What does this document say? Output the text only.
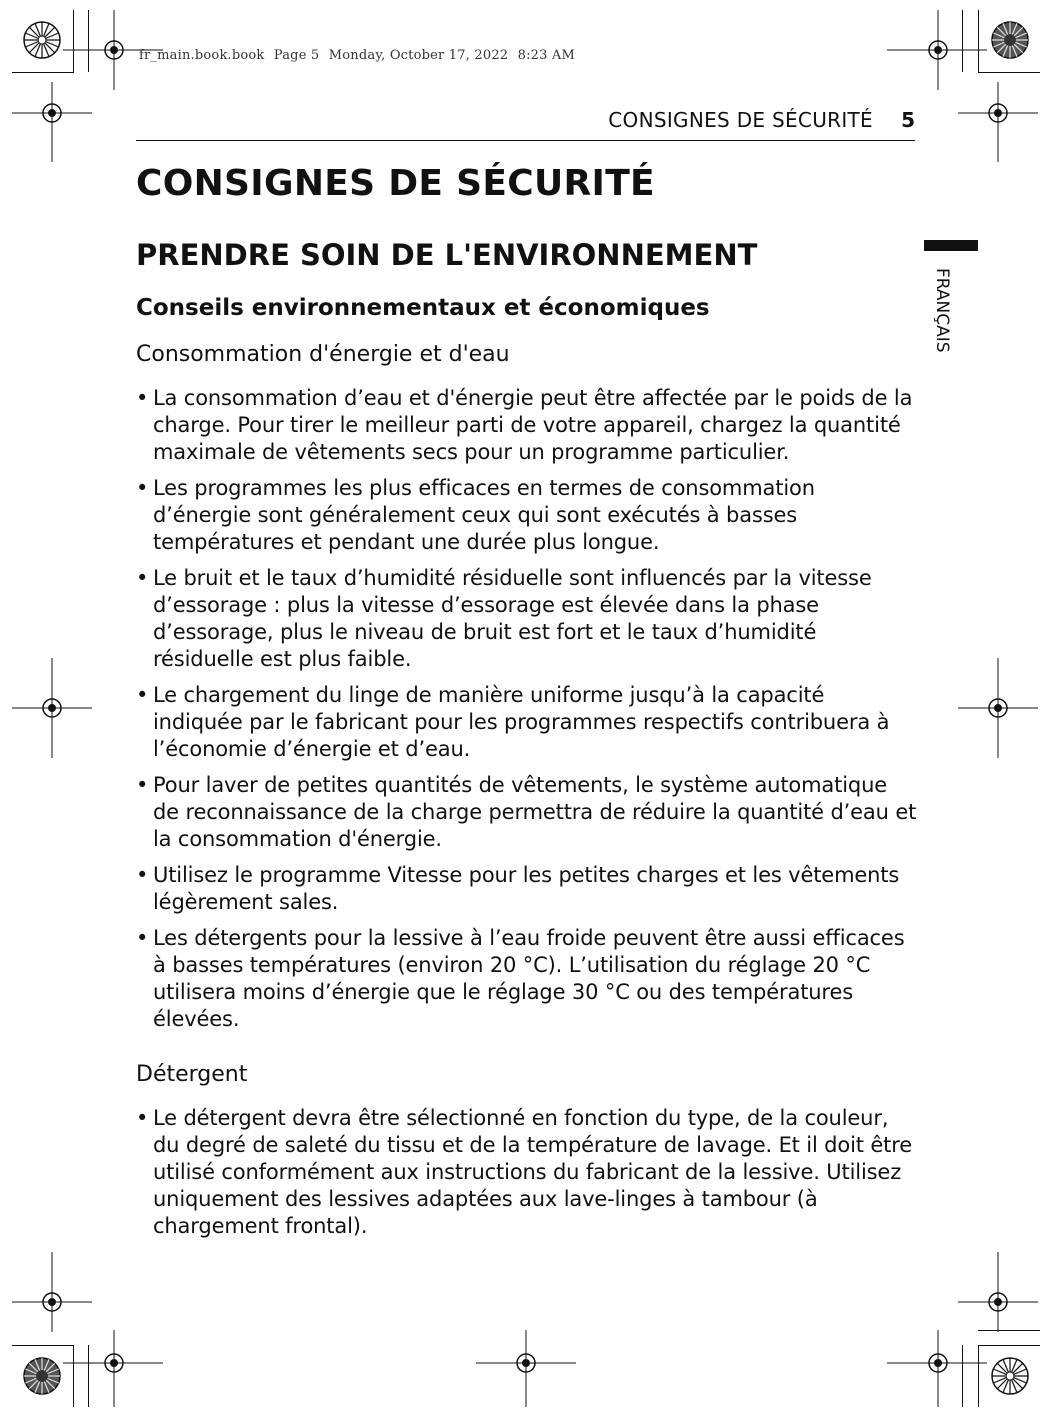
fr_main.book.book Page 5 Monday, October 17, 2022 8:23 AM
CONSIGNES DE SÉCURITÉ 5
FRANÇAIS
CONSIGNES DE SÉCURITÉ
PRENDRE SOIN DE L'ENVIRONNEMENT
Conseils environnementaux et économiques
Consommation d'énergie et d'eau
• La consommation d’eau et d'énergie peut être affectée par le poids de la charge. Pour tirer le meilleur parti de votre appareil, chargez la quantité maximale de vêtements secs pour un programme particulier.
• Les programmes les plus efficaces en termes de consommation d’énergie sont généralement ceux qui sont exécutés à basses températures et pendant une durée plus longue.
• Le bruit et le taux d’humidité résiduelle sont influencés par la vitesse d’essorage : plus la vitesse d’essorage est élevée dans la phase d’essorage, plus le niveau de bruit est fort et le taux d’humidité résiduelle est plus faible.
• Le chargement du linge de manière uniforme jusqu’à la capacité indiquée par le fabricant pour les programmes respectifs contribuera à l’économie d’énergie et d’eau.
• Pour laver de petites quantités de vêtements, le système automatique de reconnaissance de la charge permettra de réduire la quantité d’eau et la consommation d'énergie.
• Utilisez le programme Vitesse pour les petites charges et les vêtements légèrement sales.
• Les détergents pour la lessive à l’eau froide peuvent être aussi efficaces à basses températures (environ 20 °C). L’utilisation du réglage 20 °C utilisera moins d’énergie que le réglage 30 °C ou des températures élevées.
Détergent
• Le détergent devra être sélectionné en fonction du type, de la couleur, du degré de saleté du tissu et de la température de lavage. Et il doit être utilisé conformément aux instructions du fabricant de la lessive. Utilisez uniquement des lessives adaptées aux lave-linges à tambour (à chargement frontal).
